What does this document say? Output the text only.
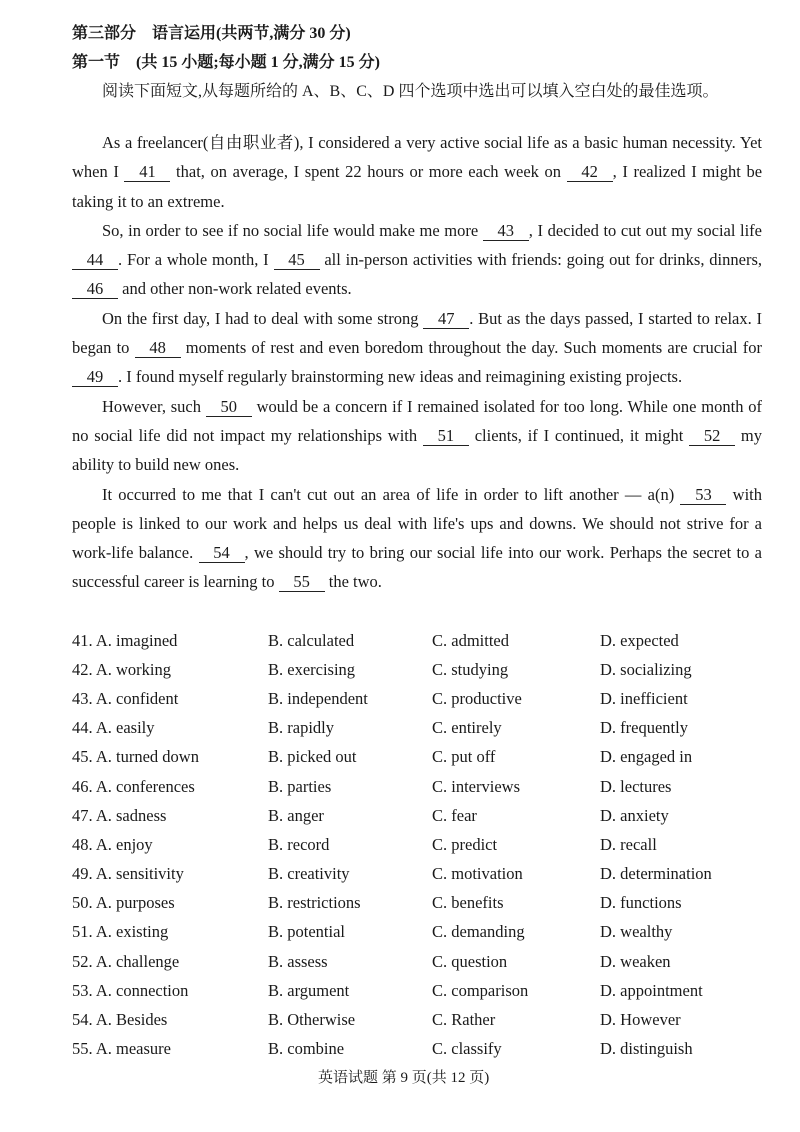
第三部分　语言运用(共两节,满分 30 分)
第一节　(共 15 小题;每小题 1 分,满分 15 分)
阅读下面短文,从每题所给的 A、B、C、D 四个选项中选出可以填入空白处的最佳选项。

As a freelancer(自由职业者), I considered a very active social life as a basic human necessity. Yet when I 41 that, on average, I spent 22 hours or more each week on 42 , I realized I might be taking it to an extreme.

So, in order to see if no social life would make me more 43 , I decided to cut out my social life 44 . For a whole month, I 45 all in-person activities with friends: going out for drinks, dinners, 46 and other non-work related events.

On the first day, I had to deal with some strong 47 . But as the days passed, I started to relax. I began to 48 moments of rest and even boredom throughout the day. Such moments are crucial for 49 . I found myself regularly brainstorming new ideas and reimagining existing projects.

However, such 50 would be a concern if I remained isolated for too long. While one month of no social life did not impact my relationships with 51 clients, if I continued, it might 52 my ability to build new ones.

It occurred to me that I can't cut out an area of life in order to lift another — a(n) 53 with people is linked to our work and helps us deal with life's ups and downs. We should not strive for a work-life balance. 54 , we should try to bring our social life into our work. Perhaps the secret to a successful career is learning to 55 the two.

41. A. imagined	B. calculated	C. admitted	D. expected
42. A. working	B. exercising	C. studying	D. socializing
43. A. confident	B. independent	C. productive	D. inefficient
44. A. easily	B. rapidly	C. entirely	D. frequently
45. A. turned down	B. picked out	C. put off	D. engaged in
46. A. conferences	B. parties	C. interviews	D. lectures
47. A. sadness	B. anger	C. fear	D. anxiety
48. A. enjoy	B. record	C. predict	D. recall
49. A. sensitivity	B. creativity	C. motivation	D. determination
50. A. purposes	B. restrictions	C. benefits	D. functions
51. A. existing	B. potential	C. demanding	D. wealthy
52. A. challenge	B. assess	C. question	D. weaken
53. A. connection	B. argument	C. comparison	D. appointment
54. A. Besides	B. Otherwise	C. Rather	D. However
55. A. measure	B. combine	C. classify	D. distinguish
英语试题 第 9 页(共 12 页)
